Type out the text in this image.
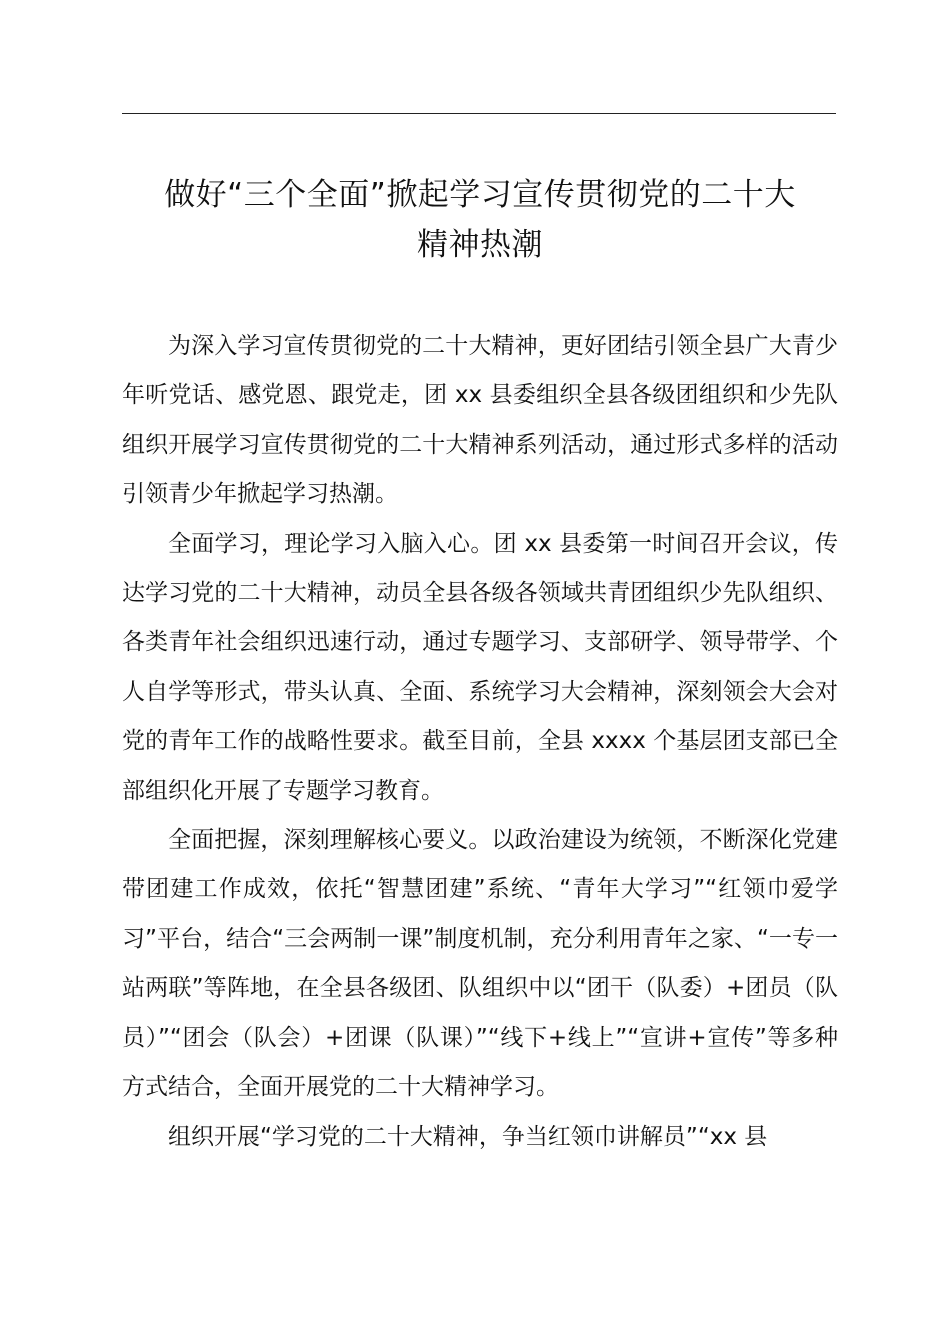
做好“三个全面”掀起学习宣传贯彻党的二十大
精神热潮

为深入学习宣传贯彻党的二十大精神，更好团结引领全县广大青少年听党话、感党恩、跟党走，团 xx 县委组织全县各级团组织和少先队组织开展学习宣传贯彻党的二十大精神系列活动，通过形式多样的活动引领青少年掀起学习热潮。

全面学习，理论学习入脑入心。团 xx 县委第一时间召开会议，传达学习党的二十大精神，动员全县各级各领域共青团组织少先队组织、各类青年社会组织迅速行动，通过专题学习、支部研学、领导带学、个人自学等形式，带头认真、全面、系统学习大会精神，深刻领会大会对党的青年工作的战略性要求。截至目前，全县 xxxx 个基层团支部已全部组织化开展了专题学习教育。

全面把握，深刻理解核心要义。以政治建设为统领，不断深化党建带团建工作成效，依托“智慧团建”系统、“青年大学习”“红领巾爱学习”平台，结合“三会两制一课”制度机制，充分利用青年之家、“一专一站两联”等阵地，在全县各级团、队组织中以“团干（队委）+团员（队员）”“团会（队会）+团课（队课）”“线下+线上”“宣讲+宣传”等多种方式结合，全面开展党的二十大精神学习。

组织开展“学习党的二十大精神，争当红领巾讲解员”“xx 县
